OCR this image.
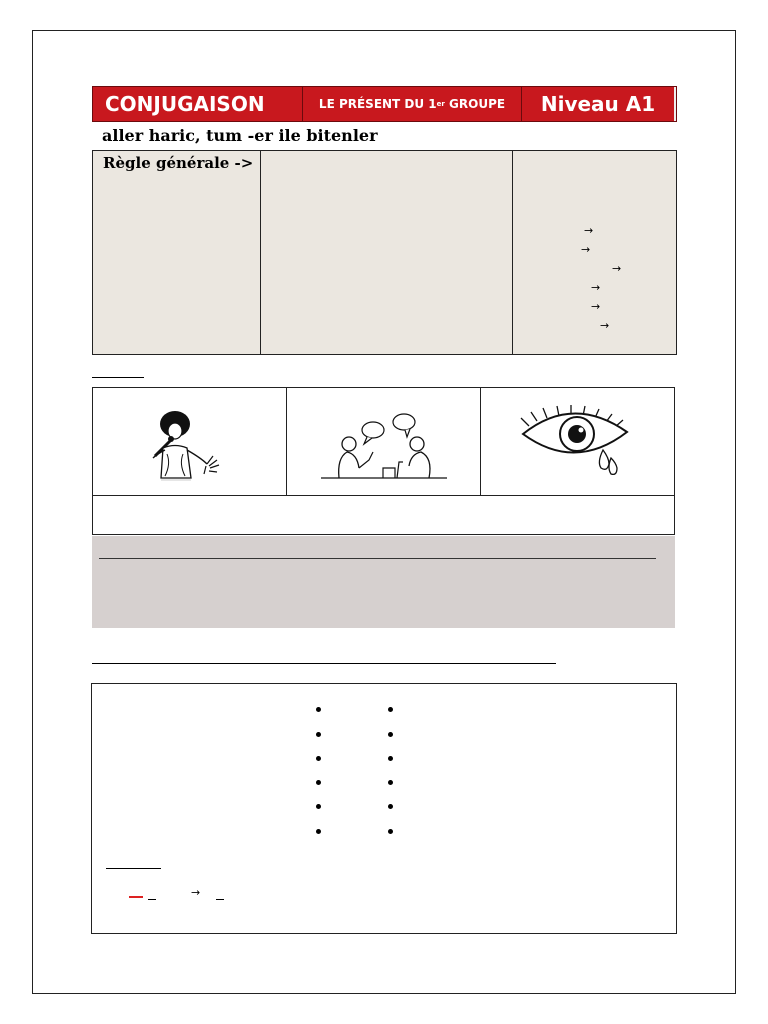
CONJUGAISON	LE PRÉSENT DU 1 er GROUPE	Niveau A1
aller haric, tum -er ile bitenler
Règle générale ->
→
→
→
→
→
→
→
